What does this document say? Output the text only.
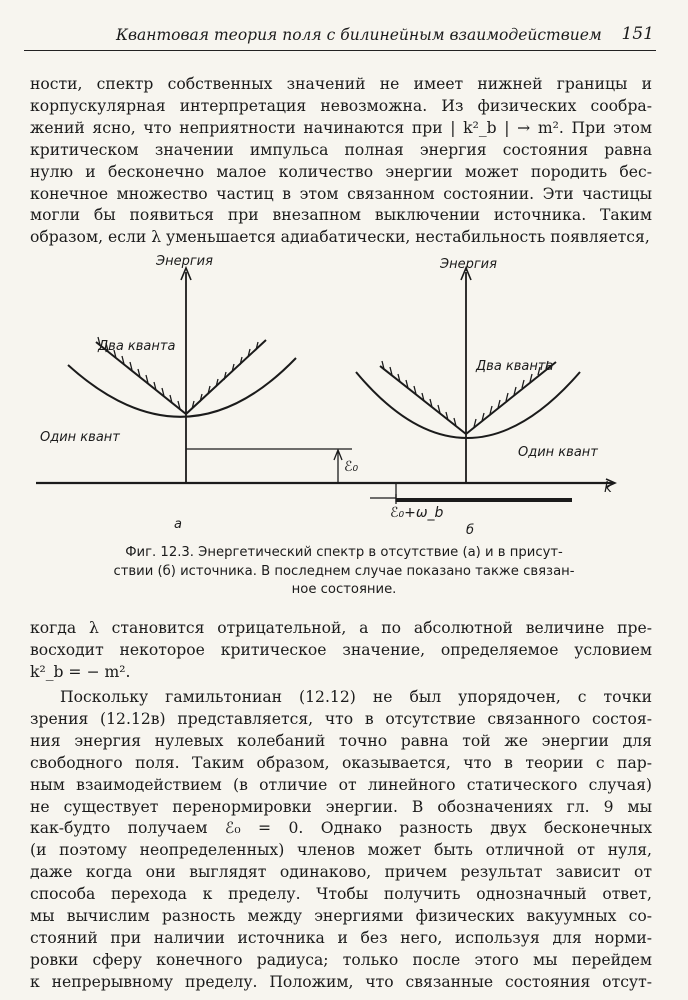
Квантовая теория поля с билинейным взаимодействием 151
ности, спектр собственных значений не имеет нижней границы и
корпускулярная интерпретация невозможна. Из физических сообра-
жений ясно, что неприятности начинаются при | k²_b | → m². При этом
критическом значении импульса полная энергия состояния равна
нулю и бесконечно малое количество энергии может породить бес-
конечное множество частиц в этом связанном состоянии. Эти частицы
могли бы появиться при внезапном выключении источника. Таким
образом, если λ уменьшается адиабатически, нестабильность появляется,
k
Энергия
Два кванта
Один квант
ℰ₀
а
Энергия
Два кванта
Один квант
ℰ₀+ω_b
б
Фиг. 12.3. Энергетический спектр в отсутствие (а) и в присут-
ствии (б) источника. В последнем случае показано также связан-
ное состояние.
когда λ становится отрицательной, а по абсолютной величине пре-
восходит некоторое критическое значение, определяемое условием
k²_b = − m².
Поскольку гамильтониан (12.12) не был упорядочен, с точки
зрения (12.12в) представляется, что в отсутствие связанного состоя-
ния энергия нулевых колебаний точно равна той же энергии для
свободного поля. Таким образом, оказывается, что в теории с пар-
ным взаимодействием (в отличие от линейного статического случая)
не существует перенормировки энергии. В обозначениях гл. 9 мы
как-будто получаем ℰ₀ = 0. Однако разность двух бесконечных
(и поэтому неопределенных) членов может быть отличной от нуля,
даже когда они выглядят одинаково, причем результат зависит от
способа перехода к пределу. Чтобы получить однозначный ответ,
мы вычислим разность между энергиями физических вакуумных со-
стояний при наличии источника и без него, используя для норми-
ровки сферу конечного радиуса; только после этого мы перейдем
к непрерывному пределу. Положим, что связанные состояния отсут-
